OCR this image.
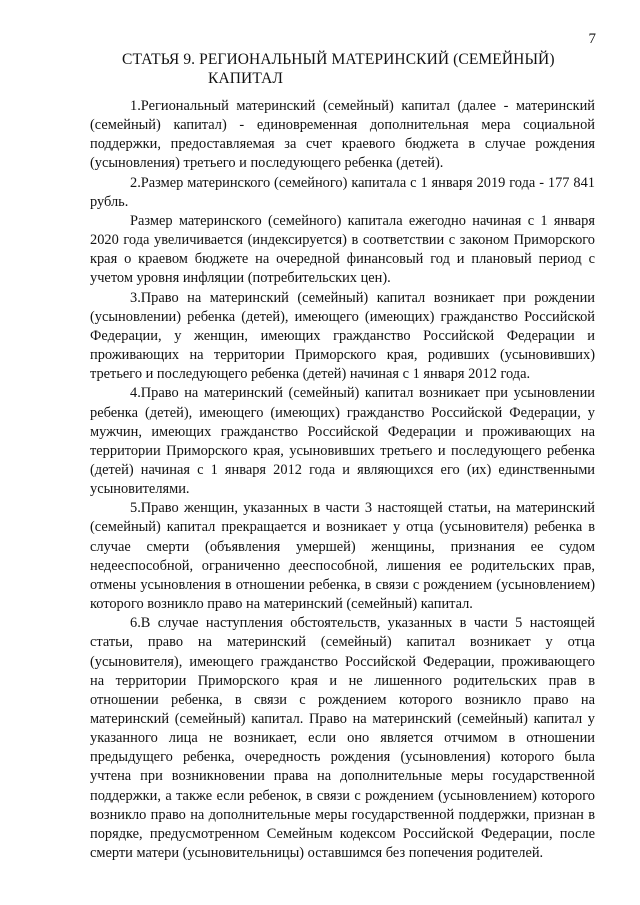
7
СТАТЬЯ 9. РЕГИОНАЛЬНЫЙ МАТЕРИНСКИЙ (СЕМЕЙНЫЙ)
КАПИТАЛ

1.Региональный материнский (семейный) капитал (далее - материнский (семейный) капитал) - единовременная дополнительная мера социальной поддержки, предоставляемая за счет краевого бюджета в случае рождения (усыновления) третьего и последующего ребенка (детей).

2.Размер материнского (семейного) капитала с 1 января 2019 года - 177 841 рубль.

Размер материнского (семейного) капитала ежегодно начиная с 1 января 2020 года увеличивается (индексируется) в соответствии с законом Приморского края о краевом бюджете на очередной финансовый год и плановый период с учетом уровня инфляции (потребительских цен).

3.Право на материнский (семейный) капитал возникает при рождении (усыновлении) ребенка (детей), имеющего (имеющих) гражданство Российской Федерации, у женщин, имеющих гражданство Российской Федерации и проживающих на территории Приморского края, родивших (усыновивших) третьего и последующего ребенка (детей) начиная с 1 января 2012 года.

4.Право на материнский (семейный) капитал возникает при усыновлении ребенка (детей), имеющего (имеющих) гражданство Российской Федерации, у мужчин, имеющих гражданство Российской Федерации и проживающих на территории Приморского края, усыновивших третьего и последующего ребенка (детей) начиная с 1 января 2012 года и являющихся его (их) единственными усыновителями.

5.Право женщин, указанных в части 3 настоящей статьи, на материнский (семейный) капитал прекращается и возникает у отца (усыновителя) ребенка в случае смерти (объявления умершей) женщины, признания ее судом недееспособной, ограниченно дееспособной, лишения ее родительских прав, отмены усыновления в отношении ребенка, в связи с рождением (усыновлением) которого возникло право на материнский (семейный) капитал.

6.В случае наступления обстоятельств, указанных в части 5 настоящей статьи, право на материнский (семейный) капитал возникает у отца (усыновителя), имеющего гражданство Российской Федерации, проживающего на территории Приморского края и не лишенного родительских прав в отношении ребенка, в связи с рождением которого возникло право на материнский (семейный) капитал. Право на материнский (семейный) капитал у указанного лица не возникает, если оно является отчимом в отношении предыдущего ребенка, очередность рождения (усыновления) которого была учтена при возникновении права на дополнительные меры государственной поддержки, а также если ребенок, в связи с рождением (усыновлением) которого возникло право на дополнительные меры государственной поддержки, признан в порядке, предусмотренном Семейным кодексом Российской Федерации, после смерти матери (усыновительницы) оставшимся без попечения родителей.
